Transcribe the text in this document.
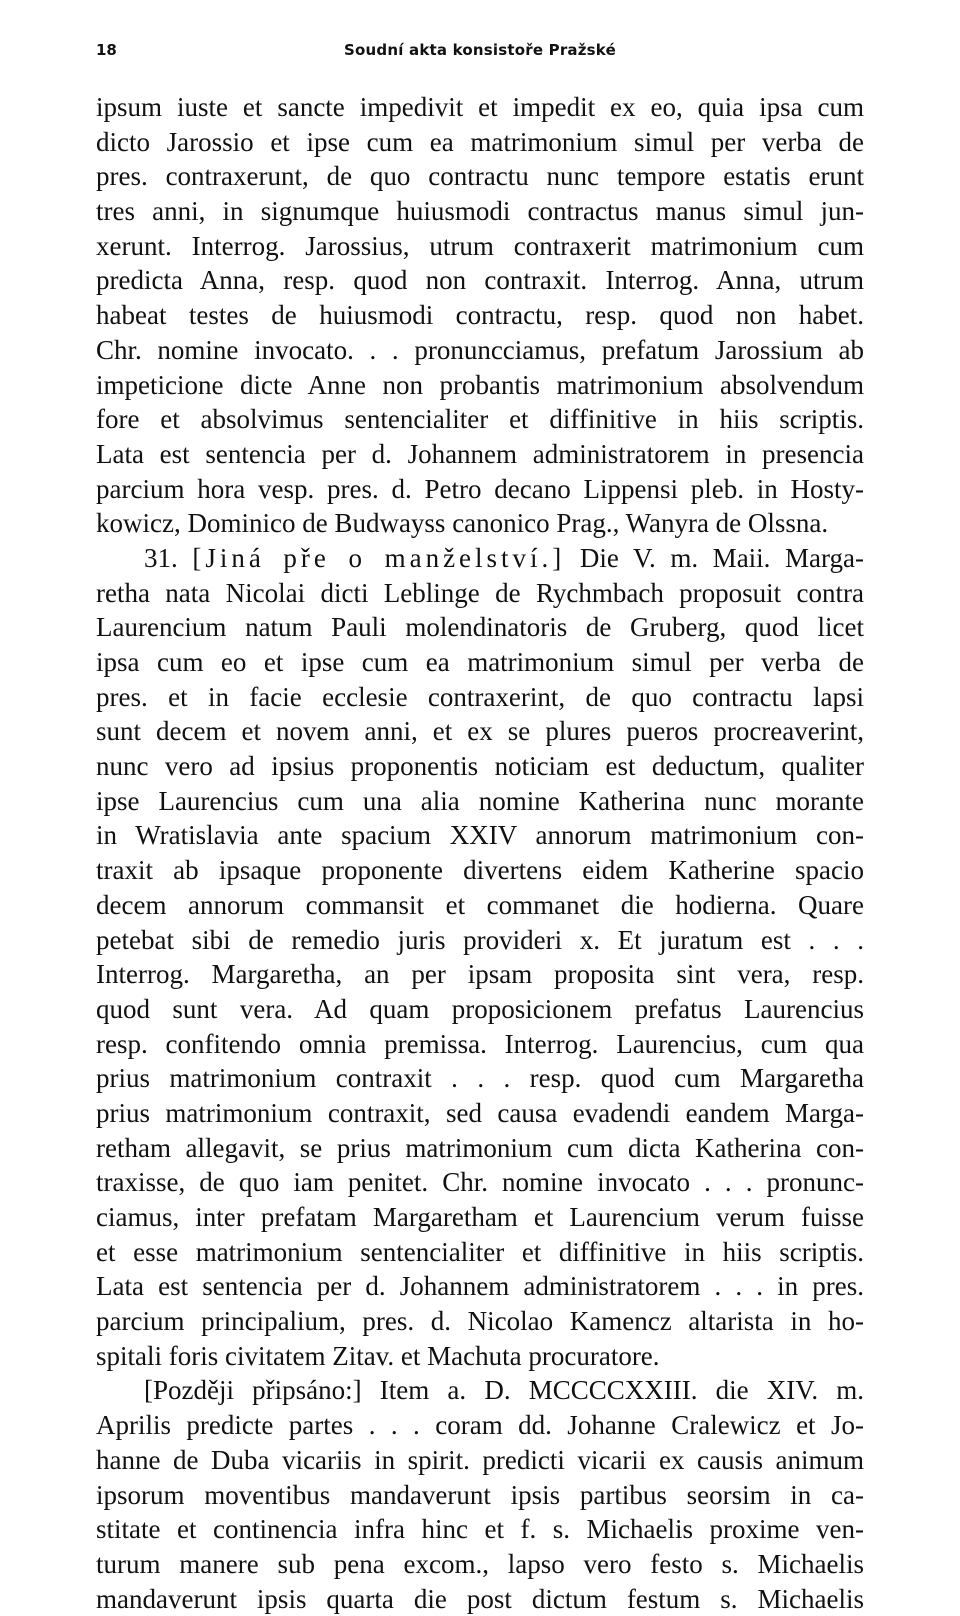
18	Soudní akta konsistoře Pražské
ipsum iuste et sancte impedivit et impedit ex eo, quia ipsa cum
dicto Jarossio et ipse cum ea matrimonium simul per verba de
pres. contraxerunt, de quo contractu nunc tempore estatis erunt
tres anni, in signumque huiusmodi contractus manus simul jun-
xerunt. Interrog. Jarossius, utrum contraxerit matrimonium cum
predicta Anna, resp. quod non contraxit. Interrog. Anna, utrum
habeat testes de huiusmodi contractu, resp. quod non habet.
Chr. nomine invocato. . . pronuncciamus, prefatum Jarossium ab
impeticione dicte Anne non probantis matrimonium absolvendum
fore et absolvimus sentencialiter et diffinitive in hiis scriptis.
Lata est sentencia per d. Johannem administratorem in presencia
parcium hora vesp. pres. d. Petro decano Lippensi pleb. in Hosty-
kowicz, Dominico de Budwayss canonico Prag., Wanyra de Olssna.
31. [Jiná pře o manželství.] Die V. m. Maii. Marga-
retha nata Nicolai dicti Leblinge de Rychmbach proposuit contra
Laurencium natum Pauli molendinatoris de Gruberg, quod licet
ipsa cum eo et ipse cum ea matrimonium simul per verba de
pres. et in facie ecclesie contraxerint, de quo contractu lapsi
sunt decem et novem anni, et ex se plures pueros procreaverint,
nunc vero ad ipsius proponentis noticiam est deductum, qualiter
ipse Laurencius cum una alia nomine Katherina nunc morante
in Wratislavia ante spacium XXIV annorum matrimonium con-
traxit ab ipsaque proponente divertens eidem Katherine spacio
decem annorum commansit et commanet die hodierna. Quare
petebat sibi de remedio juris provideri x. Et juratum est . . .
Interrog. Margaretha, an per ipsam proposita sint vera, resp.
quod sunt vera. Ad quam proposicionem prefatus Laurencius
resp. confitendo omnia premissa. Interrog. Laurencius, cum qua
prius matrimonium contraxit . . . resp. quod cum Margaretha
prius matrimonium contraxit, sed causa evadendi eandem Marga-
retham allegavit, se prius matrimonium cum dicta Katherina con-
traxisse, de quo iam penitet. Chr. nomine invocato . . . pronunc-
ciamus, inter prefatam Margaretham et Laurencium verum fuisse
et esse matrimonium sentencialiter et diffinitive in hiis scriptis.
Lata est sentencia per d. Johannem administratorem . . . in pres.
parcium principalium, pres. d. Nicolao Kamencz altarista in ho-
spitali foris civitatem Zitav. et Machuta procuratore.
[Později připsáno:] Item a. D. MCCCCXXIII. die XIV. m.
Aprilis predicte partes . . . coram dd. Johanne Cralewicz et Jo-
hanne de Duba vicariis in spirit. predicti vicarii ex causis animum
ipsorum moventibus mandaverunt ipsis partibus seorsim in ca-
stitate et continencia infra hinc et f. s. Michaelis proxime ven-
turum manere sub pena excom., lapso vero festo s. Michaelis
mandaverunt ipsis quarta die post dictum festum s. Michaelis
